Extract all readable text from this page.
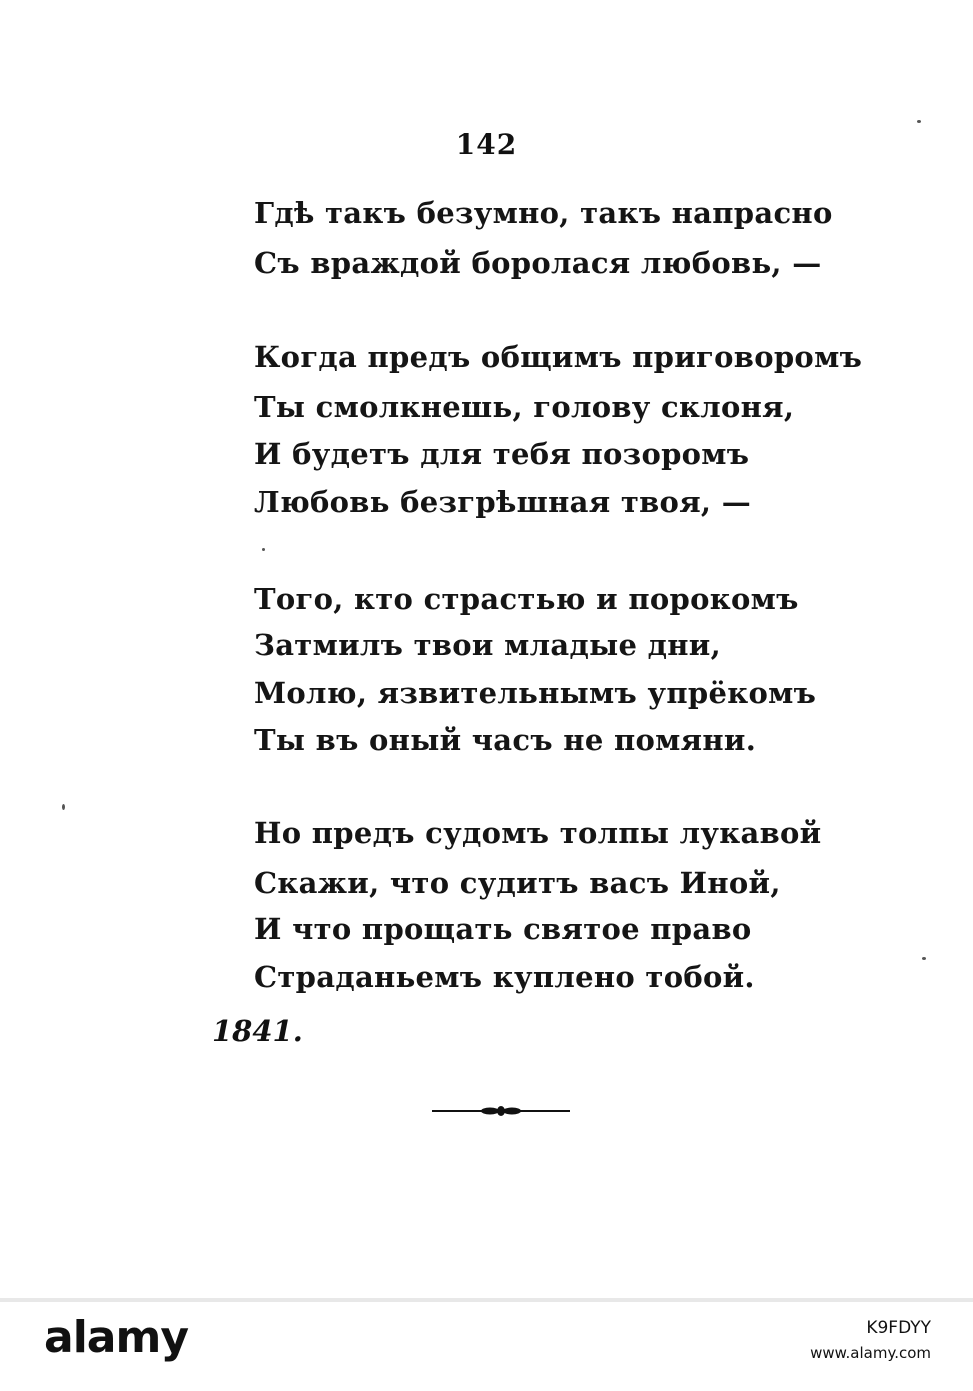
142
Гдѣ такъ безумно, такъ напрасно
Съ враждой боролася любовь, —
Когда предъ общимъ приговоромъ
Ты смолкнешь, голову склоня,
И будетъ для тебя позоромъ
Любовь безгрѣшная твоя, —
Того, кто страстью и порокомъ
Затмилъ твои младые дни,
Молю, язвительнымъ упрёкомъ
Ты въ оный часъ не помяни.
Но предъ судомъ толпы лукавой
Скажи, что судитъ васъ Иной,
И что прощать святое право
Страданьемъ куплено тобой.
1841.
alamy	K9FDYY
www.alamy.com
